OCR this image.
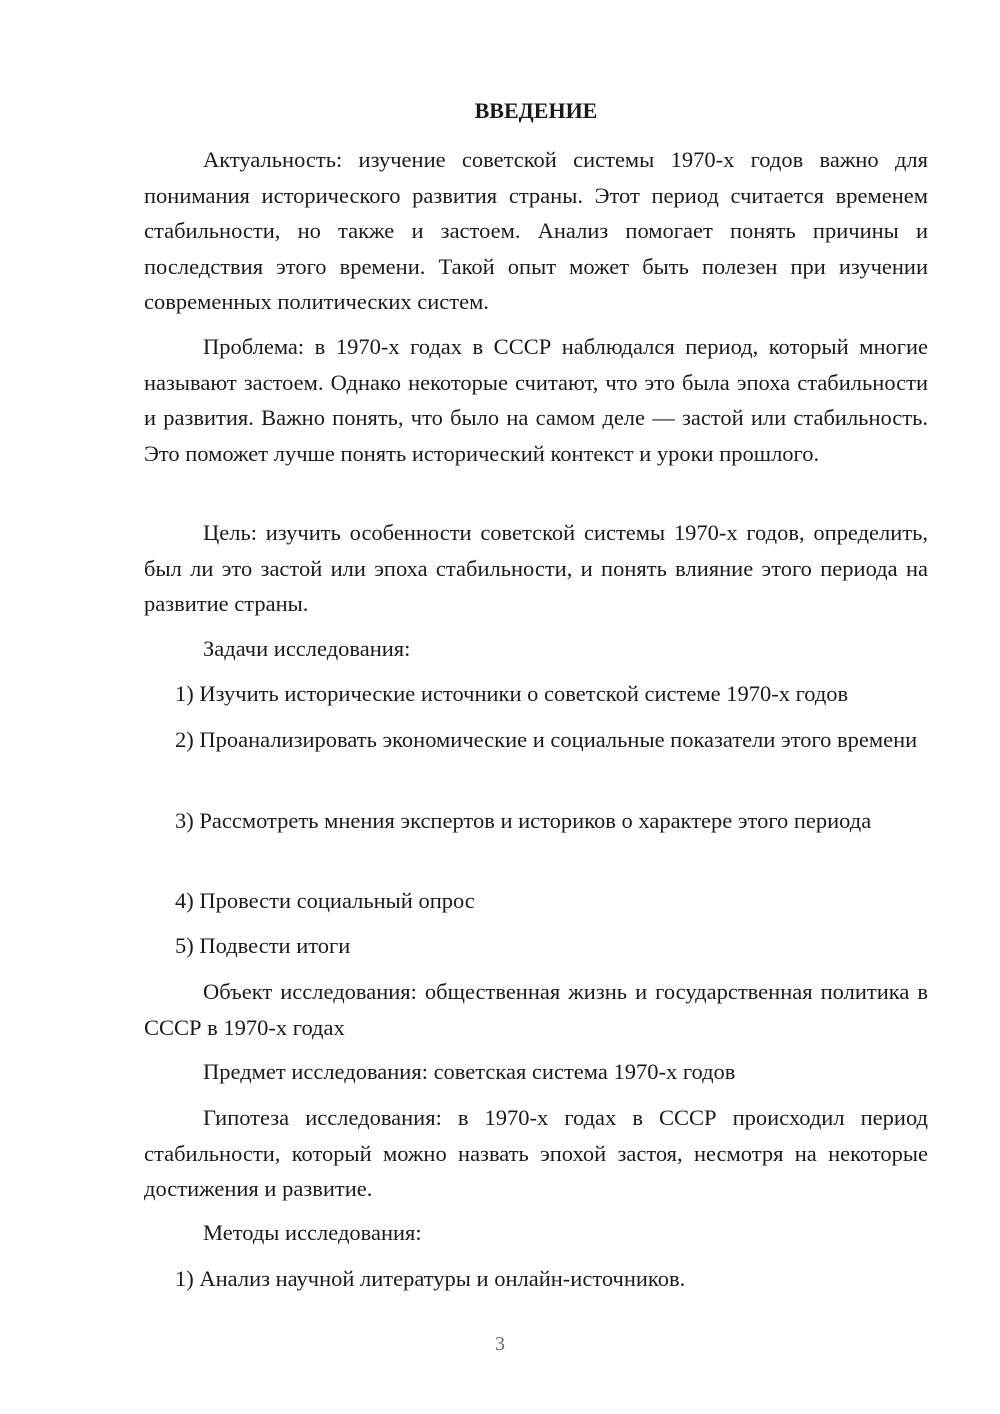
ВВЕДЕНИЕ

Актуальность: изучение советской системы 1970-х годов важно для понимания исторического развития страны. Этот период считается временем стабильности, но также и застоем. Анализ помогает понять причины и последствия этого времени. Такой опыт может быть полезен при изучении современных политических систем.

Проблема: в 1970-х годах в СССР наблюдался период, который многие называют застоем. Однако некоторые считают, что это была эпоха стабильности и развития. Важно понять, что было на самом деле — застой или стабильность. Это поможет лучше понять исторический контекст и уроки прошлого.

Цель: изучить особенности советской системы 1970-х годов, определить, был ли это застой или эпоха стабильности, и понять влияние этого периода на развитие страны.

Задачи исследования:

1) Изучить исторические источники о советской системе 1970-х годов

2) Проанализировать экономические и социальные показатели этого времени

3) Рассмотреть мнения экспертов и историков о характере этого периода

4) Провести социальный опрос

5) Подвести итоги

Объект исследования: общественная жизнь и государственная политика в СССР в 1970-х годах

Предмет исследования: советская система 1970-х годов

Гипотеза исследования: в 1970-х годах в СССР происходил период стабильности, который можно назвать эпохой застоя, несмотря на некоторые достижения и развитие.

Методы исследования:

1) Анализ научной литературы и онлайн-источников.

3
